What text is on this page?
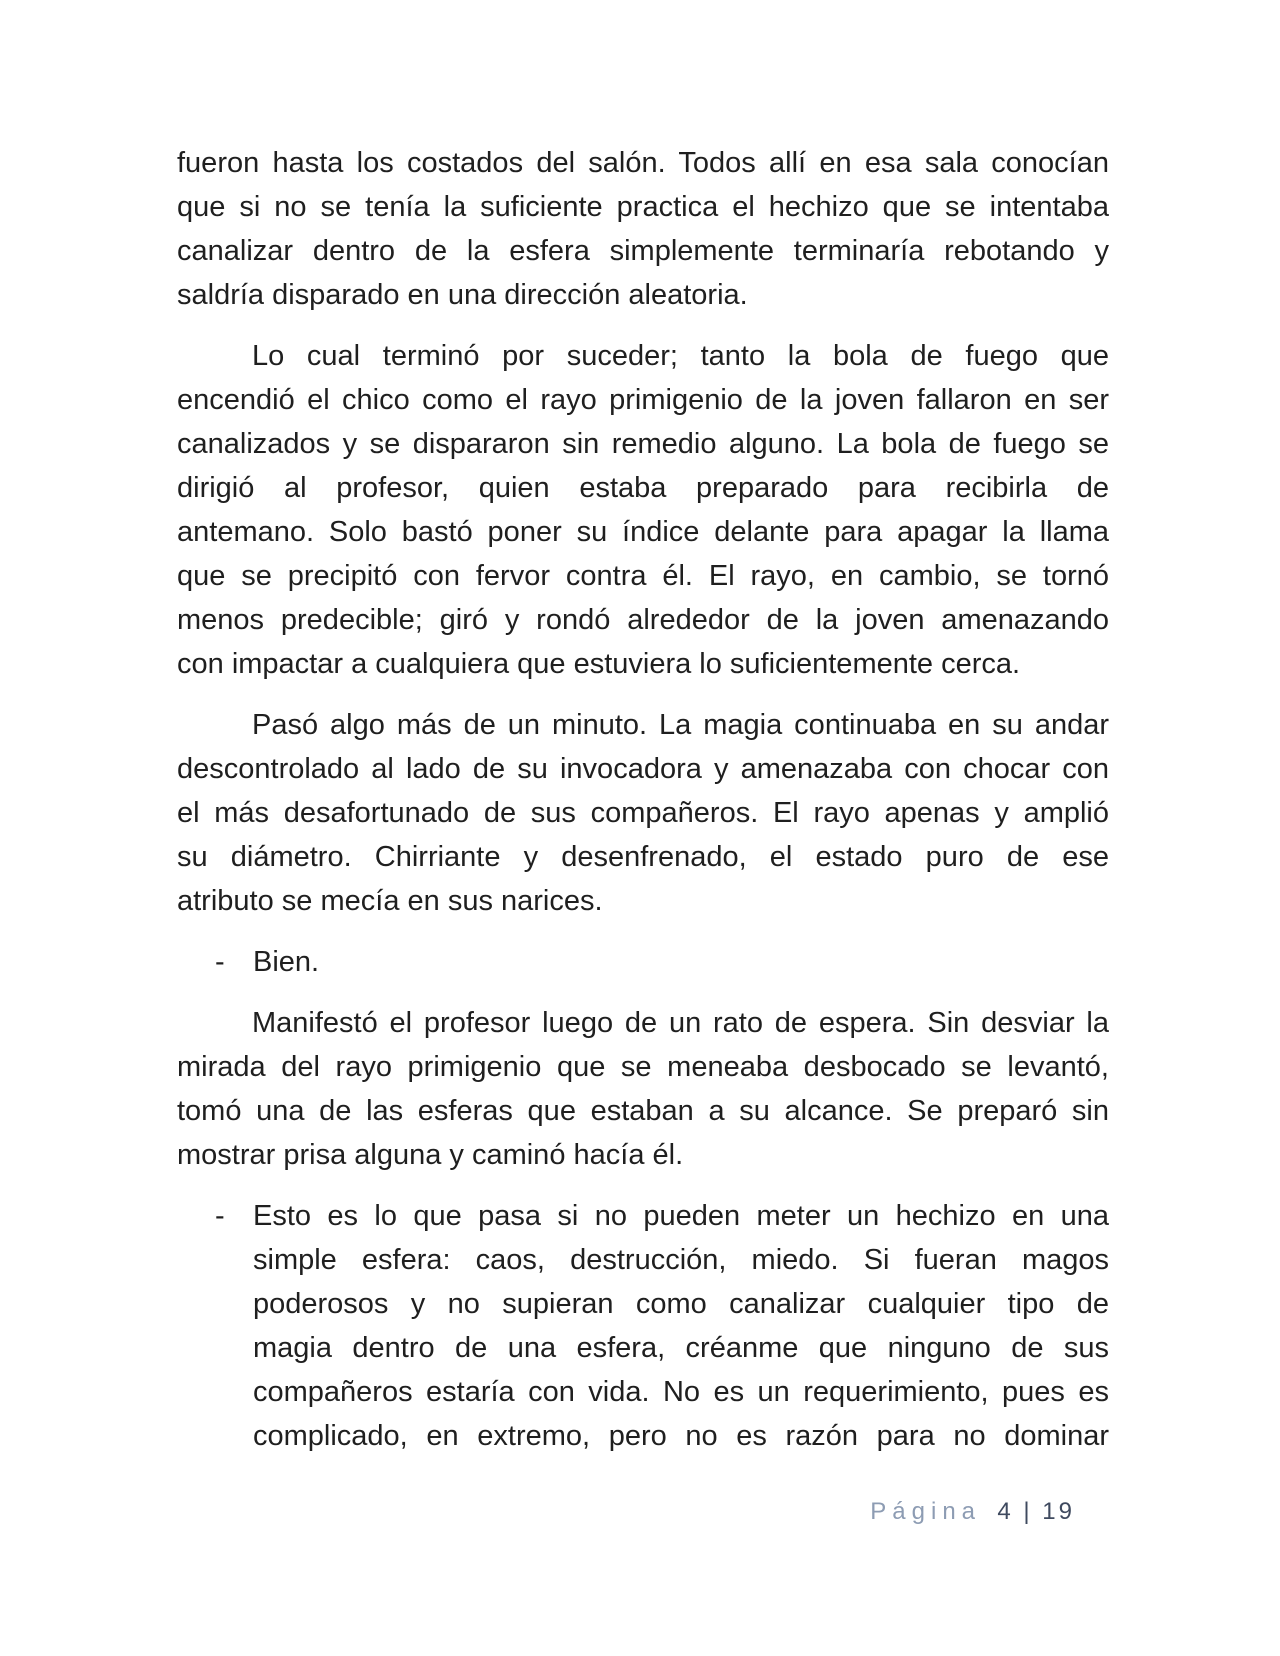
fueron hasta los costados del salón. Todos allí en esa sala conocían
que si no se tenía la suficiente practica el hechizo que se intentaba
canalizar dentro de la esfera simplemente terminaría rebotando y
saldría disparado en una dirección aleatoria.
Lo cual terminó por suceder; tanto la bola de fuego que
encendió el chico como el rayo primigenio de la joven fallaron en ser
canalizados y se dispararon sin remedio alguno. La bola de fuego se
dirigió al profesor, quien estaba preparado para recibirla de
antemano. Solo bastó poner su índice delante para apagar la llama
que se precipitó con fervor contra él. El rayo, en cambio, se tornó
menos predecible; giró y rondó alrededor de la joven amenazando
con impactar a cualquiera que estuviera lo suficientemente cerca.
Pasó algo más de un minuto. La magia continuaba en su andar
descontrolado al lado de su invocadora y amenazaba con chocar con
el más desafortunado de sus compañeros. El rayo apenas y amplió
su diámetro. Chirriante y desenfrenado, el estado puro de ese
atributo se mecía en sus narices.
- Bien.
Manifestó el profesor luego de un rato de espera. Sin desviar la
mirada del rayo primigenio que se meneaba desbocado se levantó,
tomó una de las esferas que estaban a su alcance. Se preparó sin
mostrar prisa alguna y caminó hacía él.
- Esto es lo que pasa si no pueden meter un hechizo en una
simple esfera: caos, destrucción, miedo. Si fueran magos
poderosos y no supieran como canalizar cualquier tipo de
magia dentro de una esfera, créanme que ninguno de sus
compañeros estaría con vida. No es un requerimiento, pues es
complicado, en extremo, pero no es razón para no dominar
Página 4 | 19
